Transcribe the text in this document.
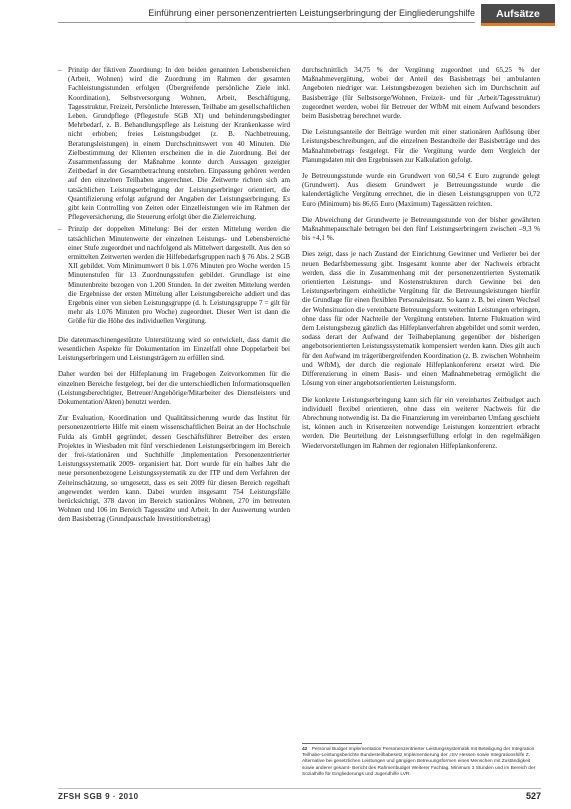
Einführung einer personenzentrierten Leistungserbringung der Eingliederungshilfe	Aufsätze
– Prinzip der fiktiven Zuordnung: In den beiden genannten Lebensbereichen (Arbeit, Wohnen) wird die Zuordnung im Rahmen der gesamten Fachleistungsstunden erfolgen (Übergreifende persönliche Ziele inkl. Koordination), Selbstversorgung Wohnen, Arbeit, Beschäftigung, Tagesstruktur, Freizeit, Persönliche Interessen, Teilhabe am gesellschaftlichen Leben. Grundpflege (Pflegestufe SGB XI) und behinderungsbedingter Mehrbedarf, z. B. Behandlungspflege als Leistung der Krankenkasse wird nicht erhoben; freies Leistungsbudget (z. B. Nachbetreuung, Beratungsleistungen) in einem Durchschnittswert von 40 Minuten. Die Zielbestimmung der Klienten erscheinen die in die Zuordnung. Bei der Zusammenfassung der Maßnahme konnte durch Aussagen gezeigter Zeitbedarf in der Gesamtbetrachtung entstehen. Einpassung gehören werden auf den einzelnen Teilhaben angerechnet. Die Zeitwerte richten sich am tatsächlichen Leistungserbringung der Leistungserbringer orientiert, die Quantifizierung erfolgt aufgrund der Angaben der Leistungserbringung. Es gibt kein Controlling von Zeiten oder Einzelleistungen wie im Rahmen der Pflegeversicherung, die Steuerung erfolgt über die Zielerreichung.
– Prinzip der doppelten Mittelung: Bei der ersten Mittelung werden die tatsächlichen Minutenwerte der einzelnen Leistungs- und Lebensbereiche einer Stufe zugeordnet und nachfolgend als Mittelwert dargestellt. Aus den so ermittelten Zeitwerten werden die Hilfebedarfsgruppen nach § 76 Abs. 2 SGB XII gebildet. Vom Minimumwert 0 bis 1.076 Minuten pro Woche werden 15 Minutenstufen für 13 Zuordnungsstufen gebildet. Grundlage ist eine Minutenbreite bezogen von 1.200 Stunden. In der zweiten Mittelung werden die Ergebnisse der ersten Mittelung aller Leistungsbereiche addiert und das Ergebnis einer von sieben Leistungsgruppe (d. h. Leistungsgruppe 7 = gilt für mehr als 1.076 Minuten pro Woche) zugeordnet. Dieser Wert ist dann die Größe für die Höhe des individuellen Vergütung.

Die datenmaschinengestützte Unterstützung wird so entwickelt, dass damit die wesentlichen Aspekte für Dokumentation im Einzelfall ohne Doppelarbeit bei Leistungserbringern und Leistungsträgern zu erfüllen sind.

Daher wurden bei der Hilfeplanung im Fragebogen Zeitvorkommen für die einzelnen Bereiche festgelegt, bei der die unterschiedlichen Informationsquellen (Leistungsberechtigter, Betreuer/Angehörige/Mitarbeiter des Dienstleisters und Dokumentation/Akten) benutzt werden.

Zur Evaluation, Koordination und Qualitätssicherung wurde das Institut für personenzentrierte Hilfe mit einem wissenschaftlichen Beirat an der Hochschule Fulda als GmbH gegründet, dessen Geschäftsführer Betreiber des ersten Projektes in Wiesbaden mit fünf verschiedenen Leistungserbringern im Bereich der frei-/stationären und Suchthilfe ,Implementation Personenzentrierter Leistungssystematik 2009- organisiert hat. Dort wurde für ein halbes Jahr die neue personenbezogene Leistungssystematik zu der ITP und dem Verfahren der Zeiteinschätzung, so umgesetzt, dass es seit 2009 für diesen Bereich regelhaft angewendet werden kann. Dabei wurden insgesamt 754 Leistungsfälle berücksichtigt, 378 davon im Bereich stationäres Wohnen, 270 im betreuten Wohnen und 106 im Bereich Tagesstätte und Arbeit. In der Auswertung wurden dem Basisbetrag (Grundpauschale Investitionsbetrag)

durchschnittlich 34,75 % der Vergütung zugeordnet und 65,25 % der Maßnahmevergütung, wobei der Anteil des Basisbetrags bei ambulanten Angeboten niedriger war. Leistungsbezogen beziehen sich im Durchschnitt auf Basisbeträge (für Selbstsorge/Wohnen, Freizeit- und für ,Arbeit/Tagesstruktur) zugeordnet werden, wobei für Betreuer der WfbM mit einem Aufwand besonders beim Basisbetrag berechnet wurde.

Die Leistungsanteile der Beiträge wurden mit einer stationären Auflösung über Leistungsbeschreibungen, auf die einzelnen Bestandteile der Basisbeträge und des Maßnahmebetrags festgelegt. Für die Vergütung wurde dem Vergleich der Planungsdaten mit den Ergebnissen zur Kalkulation gefolgt.

Je Betreuungsstunde wurde ein Grundwert von 60,54 € Euro zugrunde gelegt (Grundwert). Aus diesem Grundwert je Betreuungsstunde wurde die kalendertägliche Vergütung errechnet, die in diesen Leistungsgruppen von 0,72 Euro (Minimum) bis 86,65 Euro (Maximum) Tagessätzen reichten.

Die Abweichung der Grundwerte je Betreuungsstunde von der bisher gewährten Maßnahmepauschale betrugen bei den fünf Leistungserbringern zwischen –9,3 % bis +4,1 %.

Dies zeigt, dass je nach Zustand der Einrichtung Gewinner und Verlierer bei der neuen Bedarfsbemessung gibt. Insgesamt konnte aber der Nachweis erbracht werden, dass die in Zusammenhang mit der personenzentrierten Systematik orientierten Leistungs- und Kostenstrukturen durch Gewinne bei den Leistungserbringern einheitliche Vergütung für die Betreuungsleistungen hierfür die Grundlage für einen flexiblen Personaleinsatz. So kann z. B. bei einem Wechsel der Wohnsituation die vereinbarte Betreuungsform weiterhin Leistungen erbringen, ohne dass für oder Nachteile der Vergütung entstehen. Interne Fluktuation wird dem Leistungsbezug gänzlich das Hilfeplanverfahren abgebildet und somit werden, sodass derart der Aufwand der Teilhabeplanung gegenüber der bisherigen angebotsorientierten Leistungssystematik kompensiert werden kann. Dies gilt auch für den Aufwand im trägerübergreifenden Koordination (z. B. zwischen Wohnheim und WfbM), der durch die regionale Hilfeplankonferenz ersetzt wird. Die Differenzierung in einem Basis- und einen Maßnahmebetrag ermöglicht die Lösung von einer angebotsorientierten Leistungsform.

Die konkrete Leistungserbringung kann sich für ein vereinbartes Zeitbudget auch individuell flexibel orientieren, ohne dass ein weiterer Nachweis für die Abrechnung notwendig ist. Da die Finanzierung im vereinbarten Umfang geschieht ist, können auch in Krisenzeiten notwendige Leistungen konzentriert erbracht werden. Die Beurteilung der Leistungserfüllung erfolgt in den regelmäßigen Wiedervorstellungen im Rahmen der regionalen Hilfeplankonferenz.

42 Personal Budget Implementation Personenzentrierter Leistungssystematik mit Beteiligung der Integration Teilhabe-Leistungsberichte Bundesteilhabesetz Implementierung der ,ISV Hessen sowie Integrationshilfe Z. Alternative bei gesetzlichen Leistungen und gängigen Betreuungsformen eines Menschen mit Zuständigkeit sowie anderer gesamt- Bericht des Rahmenbudget Weiterer Fachtag. Minimum 3 Stunden und im Bereich der Sozialhilfe für Eingliederungs und Jugendhilfe LVR.
ZFSH SGB 9 · 2010	527
